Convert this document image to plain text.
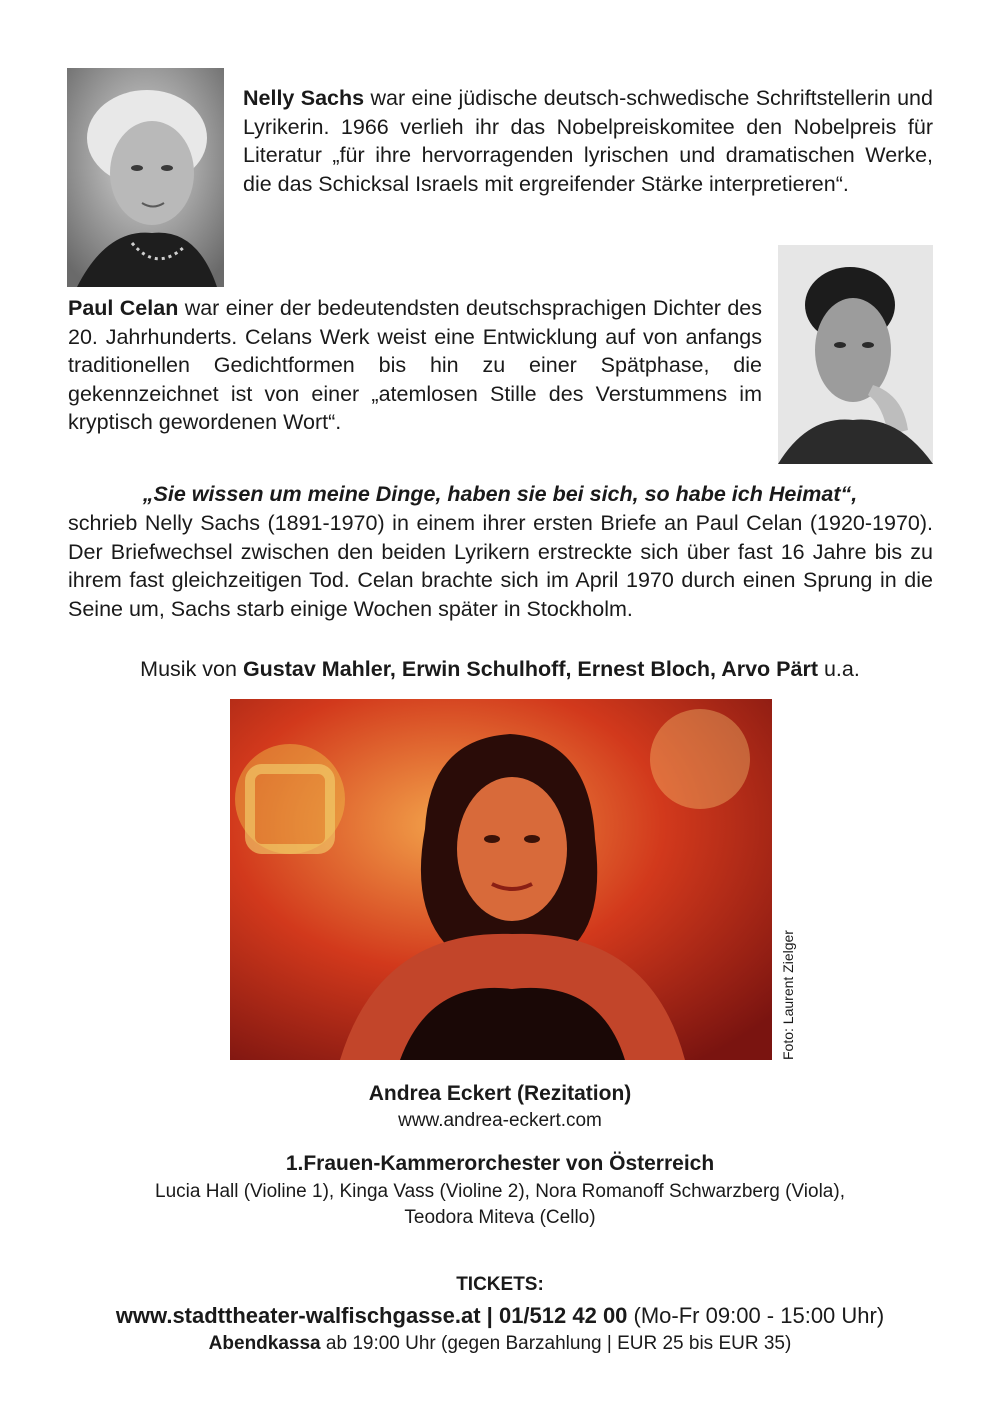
Nelly Sachs war eine jüdische deutsch-schwedische Schriftstellerin und Lyrikerin. 1966 verlieh ihr das Nobelpreiskomitee den Nobelpreis für Literatur „für ihre hervorragenden lyrischen und dramatischen Werke, die das Schicksal Israels mit ergreifender Stärke interpretieren“.

Paul Celan war einer der bedeutendsten deutschsprachigen Dichter des 20. Jahrhunderts. Celans Werk weist eine Entwicklung auf von anfangs traditionellen Gedichtformen bis hin zu einer Spätphase, die gekennzeichnet ist von einer „atemlosen Stille des Verstummens im kryptisch gewordenen Wort“.

„Sie wissen um meine Dinge, haben sie bei sich, so habe ich Heimat“,

schrieb Nelly Sachs (1891-1970) in einem ihrer ersten Briefe an Paul Celan (1920-1970). Der Briefwechsel zwischen den beiden Lyrikern erstreckte sich über fast 16 Jahre bis zu ihrem fast gleichzeitigen Tod. Celan brachte sich im April 1970 durch einen Sprung in die Seine um, Sachs starb einige Wochen später in Stockholm.

Musik von Gustav Mahler, Erwin Schulhoff, Ernest Bloch, Arvo Pärt u.a.
Foto: Laurent Zielger
Andrea Eckert (Rezitation)
www.andrea-eckert.com
1.Frauen-Kammerorchester von Österreich
Lucia Hall (Violine 1), Kinga Vass (Violine 2), Nora Romanoff Schwarzberg (Viola),
Teodora Miteva (Cello)
TICKETS:
www.stadttheater-walfischgasse.at | 01/512 42 00 (Mo-Fr 09:00 - 15:00 Uhr)
Abendkassa ab 19:00 Uhr (gegen Barzahlung | EUR 25 bis EUR 35)
